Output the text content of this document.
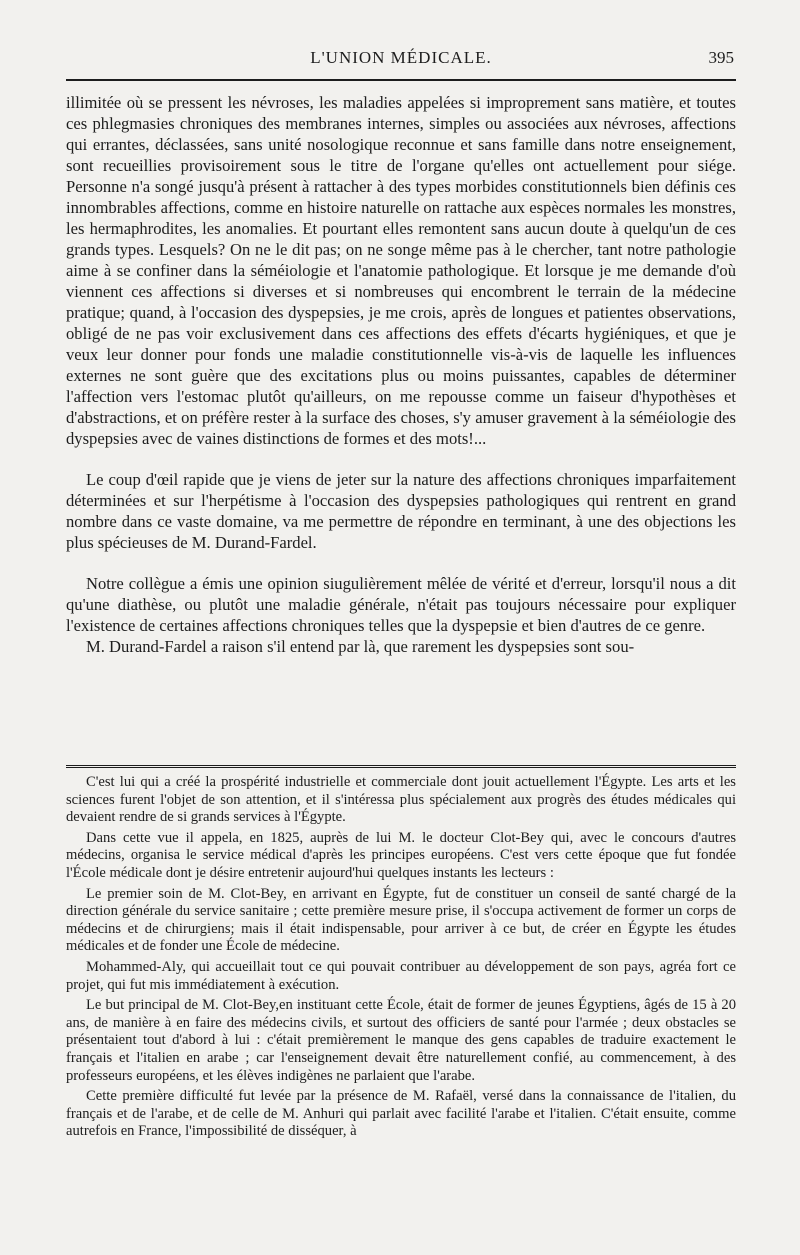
L'UNION MÉDICALE.	395

illimitée où se pressent les névroses, les maladies appelées si improprement sans matière, et toutes ces phlegmasies chroniques des membranes internes, simples ou associées aux névroses, affections qui errantes, déclassées, sans unité nosologique reconnue et sans famille dans notre enseignement, sont recueillies provisoirement sous le titre de l'organe qu'elles ont actuellement pour siége. Personne n'a songé jusqu'à présent à rattacher à des types morbides constitutionnels bien définis ces innombrables affections, comme en histoire naturelle on rattache aux espèces normales les monstres, les hermaphrodites, les anomalies. Et pourtant elles remontent sans aucun doute à quelqu'un de ces grands types. Lesquels? On ne le dit pas; on ne songe même pas à le chercher, tant notre pathologie aime à se confiner dans la séméiologie et l'anatomie pathologique. Et lorsque je me demande d'où viennent ces affections si diverses et si nombreuses qui encombrent le terrain de la médecine pratique; quand, à l'occasion des dyspepsies, je me crois, après de longues et patientes observations, obligé de ne pas voir exclusivement dans ces affections des effets d'écarts hygiéniques, et que je veux leur donner pour fonds une maladie constitutionnelle vis-à-vis de laquelle les influences externes ne sont guère que des excitations plus ou moins puissantes, capables de déterminer l'affection vers l'estomac plutôt qu'ailleurs, on me repousse comme un faiseur d'hypothèses et d'abstractions, et on préfère rester à la surface des choses, s'y amuser gravement à la séméiologie des dyspepsies avec de vaines distinctions de formes et des mots!...

Le coup d'œil rapide que je viens de jeter sur la nature des affections chroniques imparfaitement déterminées et sur l'herpétisme à l'occasion des dyspepsies pathologiques qui rentrent en grand nombre dans ce vaste domaine, va me permettre de répondre en terminant, à une des objections les plus spécieuses de M. Durand-Fardel.

Notre collègue a émis une opinion siugulièrement mêlée de vérité et d'erreur, lorsqu'il nous a dit qu'une diathèse, ou plutôt une maladie générale, n'était pas toujours nécessaire pour expliquer l'existence de certaines affections chroniques telles que la dyspepsie et bien d'autres de ce genre.

M. Durand-Fardel a raison s'il entend par là, que rarement les dyspepsies sont sou-

C'est lui qui a créé la prospérité industrielle et commerciale dont jouit actuellement l'Égypte. Les arts et les sciences furent l'objet de son attention, et il s'intéressa plus spécialement aux progrès des études médicales qui devaient rendre de si grands services à l'Égypte.

Dans cette vue il appela, en 1825, auprès de lui M. le docteur Clot-Bey qui, avec le concours d'autres médecins, organisa le service médical d'après les principes européens. C'est vers cette époque que fut fondée l'École médicale dont je désire entretenir aujourd'hui quelques instants les lecteurs :

Le premier soin de M. Clot-Bey, en arrivant en Égypte, fut de constituer un conseil de santé chargé de la direction générale du service sanitaire ; cette première mesure prise, il s'occupa activement de former un corps de médecins et de chirurgiens; mais il était indispensable, pour arriver à ce but, de créer en Égypte les études médicales et de fonder une École de médecine.

Mohammed-Aly, qui accueillait tout ce qui pouvait contribuer au développement de son pays, agréa fort ce projet, qui fut mis immédiatement à exécution.

Le but principal de M. Clot-Bey,en instituant cette École, était de former de jeunes Égyptiens, âgés de 15 à 20 ans, de manière à en faire des médecins civils, et surtout des officiers de santé pour l'armée ; deux obstacles se présentaient tout d'abord à lui : c'était premièrement le manque des gens capables de traduire exactement le français et l'italien en arabe ; car l'enseignement devait être naturellement confié, au commencement, à des professeurs européens, et les élèves indigènes ne parlaient que l'arabe.

Cette première difficulté fut levée par la présence de M. Rafaël, versé dans la connaissance de l'italien, du français et de l'arabe, et de celle de M. Anhuri qui parlait avec facilité l'arabe et l'italien. C'était ensuite, comme autrefois en France, l'impossibilité de disséquer, à
